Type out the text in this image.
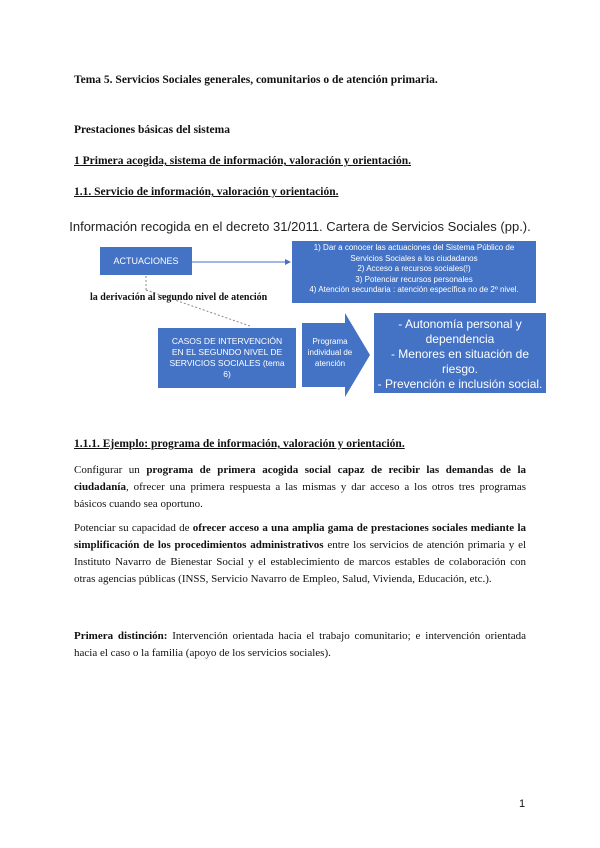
Tema 5. Servicios Sociales generales, comunitarios o de atención primaria.
Prestaciones básicas del sistema
1 Primera acogida, sistema de información, valoración y orientación.
1.1. Servicio de información, valoración y orientación.
Información recogida en el decreto 31/2011. Cartera de Servicios Sociales (pp.).
ACTUACIONES
1) Dar a conocer las actuaciones del Sistema Público de Servicios Sociales a los ciudadanos
2) Acceso a recursos sociales(!)
3) Potenciar recursos personales
4) Atención secundaria : atención específica no de 2º nivel.
la derivación al segundo nivel de atención
CASOS DE INTERVENCIÓN EN EL SEGUNDO NIVEL DE SERVICIOS SOCIALES (tema 6)
Programa individual de atención
- Autonomía personal y dependencia
- Menores en situación de riesgo.
- Prevención e inclusión social.
1.1.1. Ejemplo: programa de información, valoración y orientación.
Configurar un programa de primera acogida social capaz de recibir las demandas de la ciudadanía, ofrecer una primera respuesta a las mismas y dar acceso a los otros tres programas básicos cuando sea oportuno.
Potenciar su capacidad de ofrecer acceso a una amplia gama de prestaciones sociales mediante la simplificación de los procedimientos administrativos entre los servicios de atención primaria y el Instituto Navarro de Bienestar Social y el establecimiento de marcos estables de colaboración con otras agencias públicas (INSS, Servicio Navarro de Empleo, Salud, Vivienda, Educación, etc.).
Primera distinción: Intervención orientada hacia el trabajo comunitario; e intervención orientada hacia el caso o la familia (apoyo de los servicios sociales).
1
